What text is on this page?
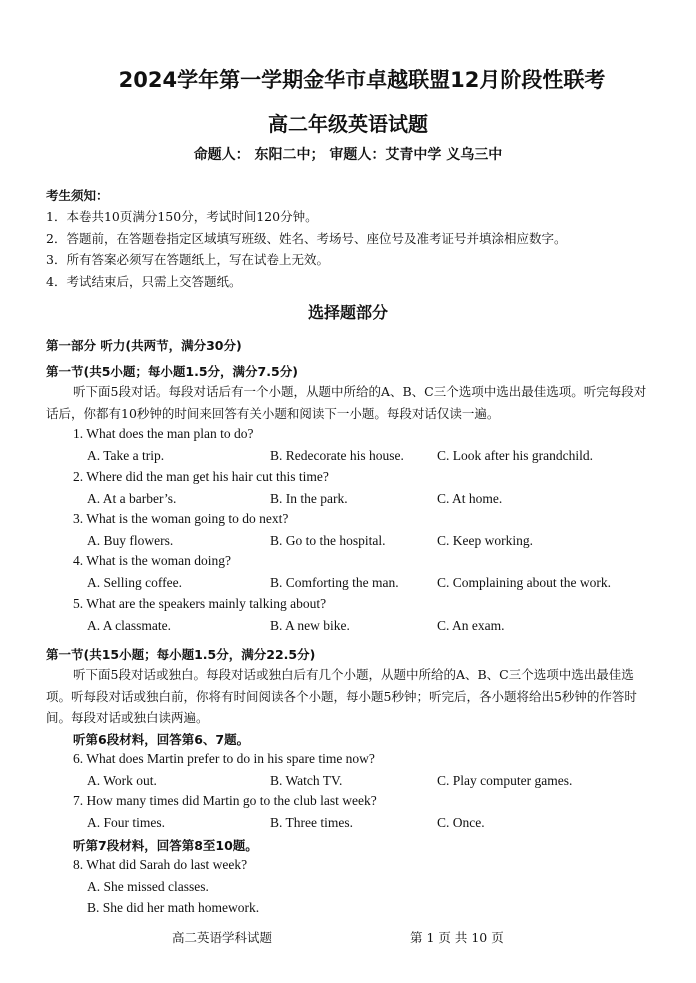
2024学年第一学期金华市卓越联盟12月阶段性联考
高二年级英语试题
命题人： 东阳二中； 审题人：艾青中学 义乌三中
考生须知：
1．本卷共10页满分150分，考试时间120分钟。
2．答题前，在答题卷指定区域填写班级、姓名、考场号、座位号及准考证号并填涂相应数字。
3．所有答案必须写在答题纸上，写在试卷上无效。
4．考试结束后，只需上交答题纸。
选择题部分
第一部分 听力(共两节，满分30分)
第一节(共5小题；每小题1.5分，满分7.5分)
听下面5段对话。每段对话后有一个小题，从题中所给的A、B、C三个选项中选出最佳选项。听完每段对话后，你都有10秒钟的时间来回答有关小题和阅读下一小题。每段对话仅读一遍。
1. What does the man plan to do?
A. Take a trip.	B. Redecorate his house. C. Look after his grandchild.
2. Where did the man get his hair cut this time?
A. At a barber’s.	B. In the park.	C. At home.
3. What is the woman going to do next?
A. Buy flowers.	B. Go to the hospital.	C. Keep working.
4. What is the woman doing?
A. Selling coffee.	B. Comforting the man.	C. Complaining about the work.
5. What are the speakers mainly talking about?
A. A classmate.	B. A new bike.	C. An exam.
第一节(共15小题；每小题1.5分，满分22.5分)
听下面5段对话或独白。每段对话或独白后有几个小题，从题中所给的A、B、C三个选项中选出最佳选项。听每段对话或独白前，你将有时间阅读各个小题，每小题5秒钟；听完后，各小题将给出5秒钟的作答时间。每段对话或独白读两遍。
听第6段材料，回答第6、7题。
6. What does Martin prefer to do in his spare time now?
A. Work out.	B. Watch TV.	C. Play computer games.
7. How many times did Martin go to the club last week?
A. Four times.	B. Three times.	C. Once.
听第7段材料，回答第8至10题。
8. What did Sarah do last week?
A. She missed classes.
B. She did her math homework.
高二英语学科试题	第 1 页 共 10 页
